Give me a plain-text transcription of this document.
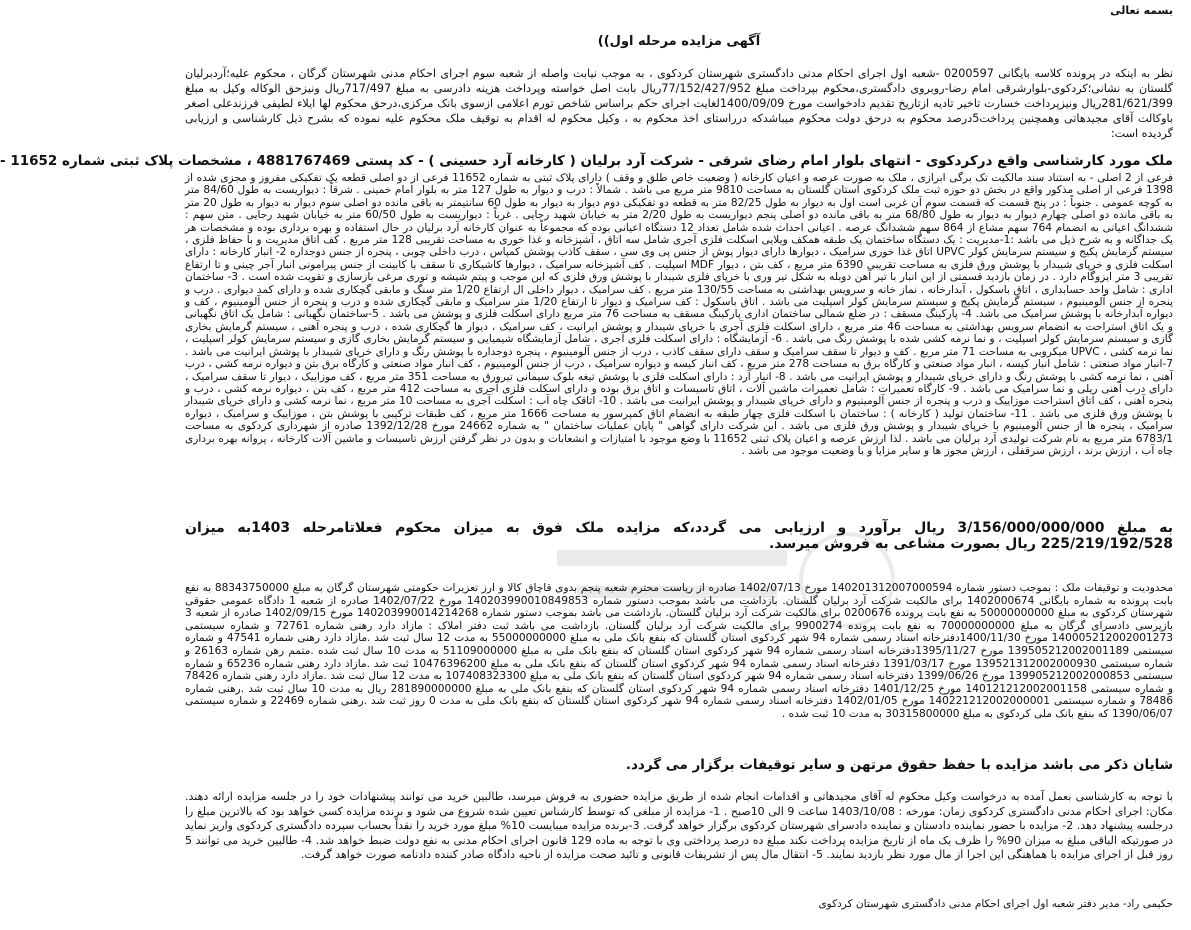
بسمه تعالی
آگهی مزایده مرحله اول))

نظر به اینکه در پرونده کلاسه بایگانی 0200597 -شعبه اول اجرای احکام مدنی دادگستری شهرستان کردکوی ، به موجب نیابت واصله از شعبه سوم اجرای احکام مدنی شهرستان گرگان ، محکوم علیه؛آردبرلیان گلستان به نشانی؛کردکوی-بلوارشرقی امام رضا-روبروی دادگستری،محکوم بپرداخت مبلغ 77/152/427/952ریال بابت اصل خواسته وپرداخت هزینه دادرسی به مبلغ 717/497ریال ونیزحق الوکاله وکیل به مبلغ 281/621/399ریال ونیزپرداخت خسارت تاخیر تادیه ازتاریخ تقدیم دادخواست مورخ 1400/09/09لغایت اجرای حکم براساس شاخص تورم اعلامی ازسوی بانک مرکزی،درحق محکوم لها ایلاء لطیفی فرزندعلی اصغر باوکالت آقای مجیدهاتی وهمچنین پرداخت5درصد محکوم به درحق دولت محکوم میباشدکه درراستای اخذ محکوم به ، وکیل محکوم له اقدام به توقیف ملک محکوم علیه نموده که بشرح ذیل کارشناسی و ارزیابی گردیده است:

ملک مورد کارشناسی واقع درکردکوی - انتهای بلوار امام رضای شرقی - شرکت آرد برلیان ( کارخانه آرد حسینی ) - کد پستی 4881767469 ، مشخصات پلاک ثبتی شماره 11652 -

فرعی از 2 اصلی - به استناد سند مالکیت تک برگی ابرازی ، ملک به صورت عرصه و اعیان کارخانه ( وضعیت خاص طلق و وقف ) دارای پلاک ثبتی به شماره 11652 فرعی از دو اصلی قطعه یک تفکیکی مفروز و مجزی شده از 1398 فرعی از اصلی مذکور واقع در بخش دو حوزه ثبت ملک کردکوی استان گلستان به مساحت 9810 متر مربع می باشد . شمالاً : درب و دیوار به طول 127 متر به بلوار امام خمینی . شرقاً : دیواریست به طول 84/60 متر به کوچه عمومی . جنوباً : در پنج قسمت که قسمت سوم آن غربی است اول به دیوار به طول 82/25 متر به قطعه دو تفکیکی دوم دیوار به دیوار به طول 60 سانتیمتر به باقی مانده دو اصلی سوم دیوار به دیوار به طول 20 متر به باقی مانده دو اصلی چهارم دیوار به دیوار به طول 68/80 متر به باقی مانده دو اصلی پنجم دیواریست به طول 2/20 متر به خیابان شهید رجایی . غرباً : دیواریست به طول 60/50 متر به خیابان شهید رجایی . متن سهم : ششدانگ اعیانی به انضمام 764 سهم مشاع از 864 سهم ششدانگ عرصه . اعیانی احداث شده شامل تعداد 12 دستگاه اعیانی بوده که مجموعاً به عنوان کارخانه آرد برلیان در حال استفاده و بهره برداری بوده و مشخصات هر یک جداگانه و به شرح ذیل می باشد :1-مدیریت : یک دستگاه ساختمان یک طبقه همکف ویلایی اسکلت فلزی آجری شامل سه اتاق ، آشپزخانه و غذا خوری به مساحت تقریبی 128 متر مربع . کف اتاق مدیریت و با حفاظ فلزی ، سیستم گرمایش پکیج و سیستم سرمایش کولر UPVC اتاق غذا خوری سرامیک ، دیوارها دارای دیوار پوش از جنس پی وی سی ، سقف کاذب پوشش کمپاس ، درب داخلی چوبی ، پنجره از جنس دوجداره 2- انبار کارخانه : دارای اسکلت فلزی و خرپای شیبدار با پوشش ورق فلزی به مساحت تقریبی 6390 متر مربع ، کف بتن ، دیوار MDF اسپلیت . کف آشپزخانه سرامیک ، دیوارها کاشیکاری تا سقف با کابینت از جنس پیرامونی انبار آجر چینی و تا ارتفاع تقریبی 3 متر ایزوگام دارد . در زمان بازدید قسمتی از این انبار با تیر آهن دوبله به شکل تیر وری با خرپای فلزی شیبدار با پوشش ورق فلزی که این موجب و پیتم شیشه و توری مرغی بازسازی و تقویت شده است . 3- ساختمان اداری : شامل واحد حسابداری ، اتاق باسکول ، آبدارخانه ، نماز خانه و سرویس بهداشتی به مساحت 130/55 متر مربع . کف سرامیک ، دیوار داخلی ال ارتفاع 1/20 متر سنگ و مابقی گچکاری شده و دارای کمد دیواری . درب و پنجره از جنس آلومینیوم ، سیستم گرمایش پکیج و سیستم سرمایش کولر اسپلیت می باشد . اتاق باسکول : کف سرامیک و دیوار تا ارتفاع 1/20 متر سرامیک و مابقی گچکاری شده و درب و پنجره از جنس آلومینیوم ، کف و دیواره آبدارخانه با پوشش سرامیک می باشد. 4- پارکینگ مسقف : در ضلع شمالی ساختمان اداری پارکینگ مسقف به مساحت 76 متر مربع دارای اسکلت فلزی و پوشش می باشد . 5-ساختمان نگهبانی : شامل یک اتاق نگهبانی و یک اتاق استراحت به انضمام سرویس بهداشتی به مساحت 46 متر مربع ، دارای اسکلت فلزی آجری با خرپای شیبدار و پوشش ایرانیت ، کف سرامیک ، دیوار ها گچکاری شده ، درب و پنجره آهنی ، سیستم گرمایش بخاری گازی و سیستم سرمایش کولر اسپلیت ، و نما نرمه کشی شده با پوشش رنگ می باشد . 6- آزمایشگاه : دارای اسکلت فلزی آجری ، شامل آزمایشگاه شیمیایی و سیستم گرمایش بخاری گازی و سیستم سرمایش کولر اسپلیت ، نما نرمه کشی ، UPVC میکروبی به مساحت 71 متر مربع . کف و دیوار تا سقف سرامیک و سقف دارای سقف کاذب ، درب از جنس آلومینیوم ، پنجره دوجداره با پوشش رنگ و دارای خرپای شیبدار با پوشش ایرانیت می باشد . 7-انبار مواد صنعتی : شامل انبار کیسه ، انبار مواد صنعتی و کارگاه برق به مساحت 278 متر مربع ، کف انبار کیسه و دیواره سرامیک ، درب از جنس آلومینیوم ، کف انبار مواد صنعتی و کارگاه برق بتن و دیواره نرمه کشی ، درب آهنی ، نما نرمه کشی با پوشش رنگ و دارای خرپای شیبدار و پوشش ایرانیت می باشد . 8- انبار آرد : دارای اسکلت فلزی با پوشش تیغه بلوک سیمانی تیرورق به مساحت 351 متر مربع ، کف موزاییک ، دیوار تا سقف سرامیک ، دارای درب آهنی ریلی و نما سرامیک می باشد . 9- کارگاه تعمیرات : شامل تعمیرات ماشین آلات ، اتاق تاسیسات و اتاق برق بوده و دارای اسکلت فلزی آجری به مساحت 412 متر مربع ، کف بتن ، دیواره نرمه کشی ، درب و پنجره آهنی ، کف اتاق استراحت موزاییک و درب و پنجره از جنس آلومینیوم و دارای خرپای شیبدار و پوشش ایرانیت می باشد . 10- اتاقک چاه آب : اسکلت آجری به مساحت 10 متر مربع ، نما نرمه کشی و دارای خرپای شیبدار با پوشش ورق فلزی می باشد . 11- ساختمان تولید ( کارخانه ) : ساختمان با اسکلت فلزی چهار طبقه به انضمام اتاق کمپرسور به مساحت 1666 متر مربع ، کف طبقات ترکیبی با پوشش بتن ، موزاییک و سرامیک ، دیواره سرامیک ، پنجره ها از جنس آلومینیوم با خرپای شیبدار و پوشش ورق فلزی می باشد . این شرکت دارای گواهی " پایان عملیات ساختمان " به شماره 24662 مورخ 1392/12/28 صادره از شهرداری کردکوی به مساحت 6783/1 متر مربع به نام شرکت تولیدی آرد برلیان می باشد . لذا ارزش عرصه و اعیان پلاک ثبتی 11652 با وضع موجود با امتیازات و انشعابات و بدون در نظر گرفتن ارزش تاسیسات و ماشین آلات کارخانه ، پروانه بهره برداری چاه آب ، ارزش برند ، ارزش سرقفلی ، ارزش مجوز ها و سایر مزایا و با وضعیت موجود می باشد .

به مبلغ 3/156/000/000/000 ریال برآورد و ارزیابی می گردد،که مزایده ملک فوق به میزان محکوم فعلاتامرحله 1403به میزان 225/219/192/528 ریال بصورت مشاعی به فروش میرسد.

محدودیت و توقیفات ملک : بموجب دستور شماره 140201312007000594 مورخ 1402/07/13 صادره از ریاست محترم شعبه پنجم بدوی قاچاق کالا و ارز تعزیرات حکومتی شهرستان گرگان به مبلغ 88343750000 به نفع بابت پرونده به شماره بایگانی 1402000674 برای مالکیت شرکت آرد برلیان گلستان. بازداشت می باشد بموجب دستور شماره 140203990010849853 مورخ 1402/07/22 صادره از شعبه 1 دادگاه عمومی حقوقی شهرستان کردکوی به مبلغ 50000000000 به نفع بابت پرونده 0200676 برای مالکیت شرکت آرد برلیان گلستان. بازداشت می باشد بموجب دستور شماره 140203990014214268 مورخ 1402/09/15 صادره از شعبه 3 بازپرسی دادسرای گرگان به مبلغ 70000000000 به نفع بابت پرونده 9900274 برای مالکیت شرکت آرد برلیان گلستان. بازداشت می باشد ثبت دفتر املاک : مازاد دارد رهنی شماره 72761 و شماره سیستمی 140005212002001273 مورخ 1400/11/30دفترخانه اسناد رسمی شماره 94 شهر کردکوی استان گلستان که بنفع بانک ملی به مبلغ 55000000000 به مدت 12 سال ثبت شد .مازاد دارد رهنی شماره 47541 و شماره سیستمی 139505212002001189 مورخ 1395/11/27دفترخانه اسناد رسمی شماره 94 شهر کردکوی استان گلستان که بنفع بانک ملی به مبلغ 51109000000 به مدت 10 سال ثبت شده .متمم رهن شماره 26163 و شماره سیستمی 139521312002000930 مورخ 1391/03/17 دفترخانه اسناد رسمی شماره 94 شهر کردکوی استان گلستان که بنفع بانک ملی به مبلغ 10476396200 ثبت شد .مازاد دارد رهنی شماره 65236 و شماره سیستمی 139905212002000853 مورخ 1399/06/26 دفترخانه اسناد رسمی شماره 94 شهر کردکوی استان گلستان که بنفع بانک ملی به مبلغ 107408323300 به مدت 12 سال ثبت شد .مازاد دارد رهنی شماره 78426 و شماره سیستمی 140121212002001158 مورخ 1401/12/25 دفترخانه اسناد رسمی شماره 94 شهر کردکوی استان گلستان که بنفع بانک ملی به مبلغ 281890000000 ریال به مدت 10 سال ثبت شد .رهنی شماره 78486 و شماره سیستمی 140221212002000001 مورخ 1402/01/05 دفترخانه اسناد رسمی شماره 94 شهر کردکوی استان گلستان که بنفع بانک ملی به مدت 0 روز ثبت شد .رهنی شماره 22469 و شماره سیستمی 1390/06/07 که بنفع بانک ملی کردکوی به مبلغ 30315800000 به مدت 10 ثبت شده .

شایان ذکر می باشد مزایده با حفظ حقوق مرتهن و سایر توقیفات برگزار می گردد.

با توجه به کارشناسی بعمل آمده به درخواست وکیل محکوم له آقای مجیدهاتی و اقدامات انجام شده از طریق مزایده حضوری به فروش میرسد، طالبین خرید می توانند پیشنهادات خود را در جلسه مزایده ارائه دهند. مکان: اجرای احکام مدنی دادگستری کردکوی زمان: مورخه : 1403/10/08 ساعت 9 الی 10صبح . 1- مزایده از مبلغی که توسط کارشناس تعیین شده شروع می شود و برنده مزایده کسی خواهد بود که بالاترین مبلغ را درجلسه پیشنهاد دهد. 2- مزایده با حضور نماینده دادستان و نماینده دادسرای شهرستان کردکوی برگزار خواهد گرفت. 3-برنده مزایده میبایست 10% مبلغ مورد خرید را نقداً بحساب سپرده دادگستری کردکوی واریز نماید در صورتیکه الباقی مبلغ به میزان 90% را ظرف یک ماه از تاریخ مزایده پرداخت نکند مبلغ ده درصد پرداختی وی با توجه به ماده 129 قانون اجرای احکام مدنی به نفع دولت ضبط خواهد شد. 4- طالبین خرید می توانند 5 روز قبل از اجرای مزایده با هماهنگی این اجرا از مال مورد نظر بازدید نمایند. 5- انتقال مال پس از تشریفات قانونی و تائید صحت مزایده از ناحیه دادگاه صادر کننده دادنامه صورت خواهد گرفت.

حکیمی راد- مدیر دفتر شعبه اول اجرای احکام مدنی دادگستری شهرستان کردکوی
